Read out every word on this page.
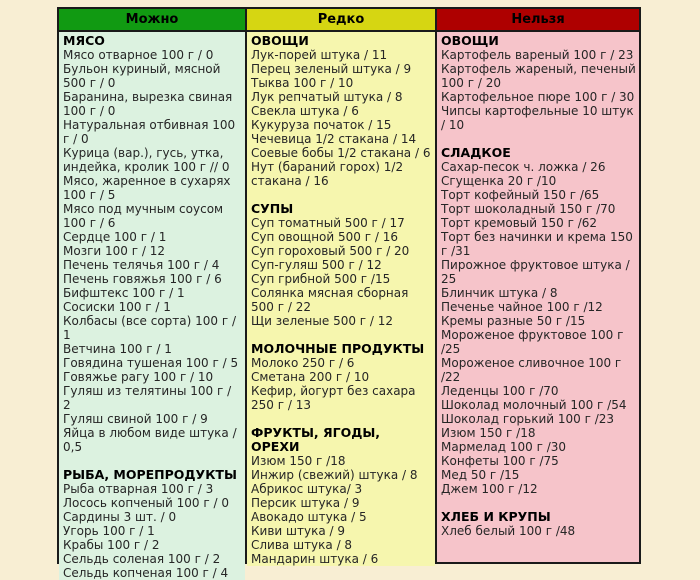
Можно
МЯСО
Мясо отварное 100 г / 0
Бульон куриный, мясной 500 г / 0
Баранина, вырезка свиная 100 г / 0
Натуральная отбивная 100 г / 0
Курица (вар.), гусь, утка, индейка, кролик 100 г // 0
Мясо, жаренное в сухарях 100 г / 5
Мясо под мучным соусом 100 г / 6
Сердце 100 г / 1
Мозги 100 г / 12
Печень телячья 100 г / 4
Печень говяжья 100 г / 6
Бифштекс 100 г / 1
Сосиски 100 г / 1
Колбасы (все сорта) 100 г / 1
Ветчина 100 г / 1
Говядина тушеная 100 г / 5
Говяжье рагу 100 г / 10
Гуляш из телятины 100 г / 2
Гуляш свиной 100 г / 9
Яйца в любом виде штука / 0,5
РЫБА, МОРЕПРОДУКТЫ
Рыба отварная 100 г / 3
Лосось копченый 100 г / 0
Сардины 3 шт. / 0
Угорь 100 г / 1
Крабы 100 г / 2
Сельдь соленая 100 г / 2
Сельдь копченая 100 г / 4
Редко
ОВОЩИ
Лук-порей штука / 11
Перец зеленый штука / 9
Тыква 100 г / 10
Лук репчатый штука / 8
Свекла штука / 6
Кукуруза початок / 15
Чечевица 1/2 стакана / 14
Соевые бобы 1/2 стакана / 6
Нут (бараний горох) 1/2 стакана / 16
СУПЫ
Суп томатный 500 г / 17
Суп овощной 500 г / 16
Суп гороховый 500 г / 20
Суп-гуляш 500 г / 12
Суп грибной 500 г /15
Солянка мясная сборная 500 г / 22
Щи зеленые 500 г / 12
МОЛОЧНЫЕ ПРОДУКТЫ
Молоко 250 г / 6
Сметана 200 г / 10
Кефир, йогурт без сахара 250 г / 13
ФРУКТЫ, ЯГОДЫ, ОРЕХИ
Изюм 150 г /18
Инжир (свежий) штука / 8
Абрикос штука/ 3
Персик штука / 9
Авокадо штука / 5
Киви штука / 9
Слива штука / 8
Мандарин штука / 6
Нельзя
ОВОЩИ
Картофель вареный 100 г / 23
Картофель жареный, печеный 100 г / 20
Картофельное пюре 100 г / 30
Чипсы картофельные 10 штук / 10
СЛАДКОЕ
Сахар-песок ч. ложка / 26
Сгущенка 20 г /10
Торт кофейный 150 г /65
Торт шоколадный 150 г /70
Торт кремовый 150 г /62
Торт без начинки и крема 150 г /31
Пирожное фруктовое штука / 25
Блинчик штука / 8
Печенье чайное 100 г /12
Кремы разные 50 г /15
Мороженое фруктовое 100 г /25
Мороженое сливочное 100 г /22
Леденцы 100 г /70
Шоколад молочный 100 г /54
Шоколад горький 100 г /23
Изюм 150 г /18
Мармелад 100 г /30
Конфеты 100 г /75
Мед 50 г /15
Джем 100 г /12
ХЛЕБ И КРУПЫ
Хлеб белый 100 г /48
